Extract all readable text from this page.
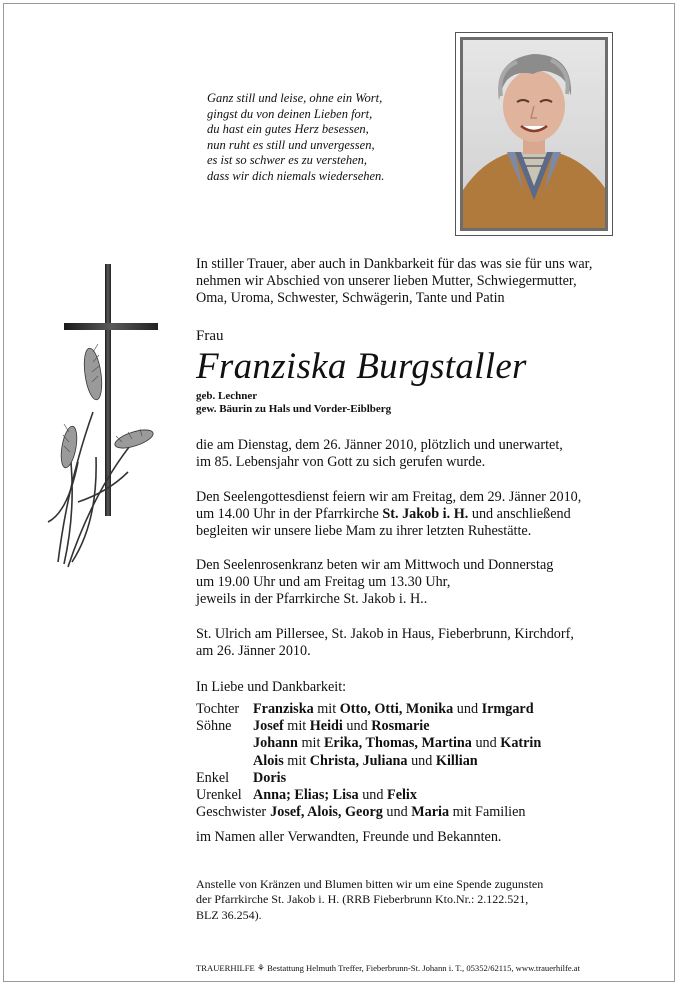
Ganz still und leise, ohne ein Wort,
gingst du von deinen Lieben fort,
du hast ein gutes Herz besessen,
nun ruht es still und unvergessen,
es ist so schwer es zu verstehen,
dass wir dich niemals wiedersehen.
In stiller Trauer, aber auch in Dankbarkeit für das was sie für uns war,
nehmen wir Abschied von unserer lieben Mutter, Schwiegermutter,
Oma, Uroma, Schwester, Schwägerin, Tante und Patin
Frau
Franziska Burgstaller
geb. Lechner
gew. Bäurin zu Hals und Vorder-Eiblberg
die am Dienstag, dem 26. Jänner 2010, plötzlich und unerwartet,
im 85. Lebensjahr von Gott zu sich gerufen wurde.
Den Seelengottesdienst feiern wir am Freitag, dem 29. Jänner 2010,
um 14.00 Uhr in der Pfarrkirche St. Jakob i. H. und anschließend
begleiten wir unsere liebe Mam zu ihrer letzten Ruhestätte.
Den Seelenrosenkranz beten wir am Mittwoch und Donnerstag
um 19.00 Uhr und am Freitag um 13.30 Uhr,
jeweils in der Pfarrkirche St. Jakob i. H..
St. Ulrich am Pillersee, St. Jakob in Haus, Fieberbrunn, Kirchdorf,
am 26. Jänner 2010.
In Liebe und Dankbarkeit:
Tochter Franziska mit Otto, Otti, Monika und Irmgard
Söhne Josef mit Heidi und Rosmarie
Johann mit Erika, Thomas, Martina und Katrin
Alois mit Christa, Juliana und Killian
Enkel Doris
Urenkel Anna; Elias; Lisa und Felix
Geschwister Josef, Alois, Georg und Maria mit Familien
im Namen aller Verwandten, Freunde und Bekannten.
Anstelle von Kränzen und Blumen bitten wir um eine Spende zugunsten
der Pfarrkirche St. Jakob i. H. (RRB Fieberbrunn Kto.Nr.: 2.122.521,
BLZ 36.254).
TRAUERHILFE ⚘ Bestattung Helmuth Treffer, Fieberbrunn-St. Johann i. T., 05352/62115, www.trauerhilfe.at
